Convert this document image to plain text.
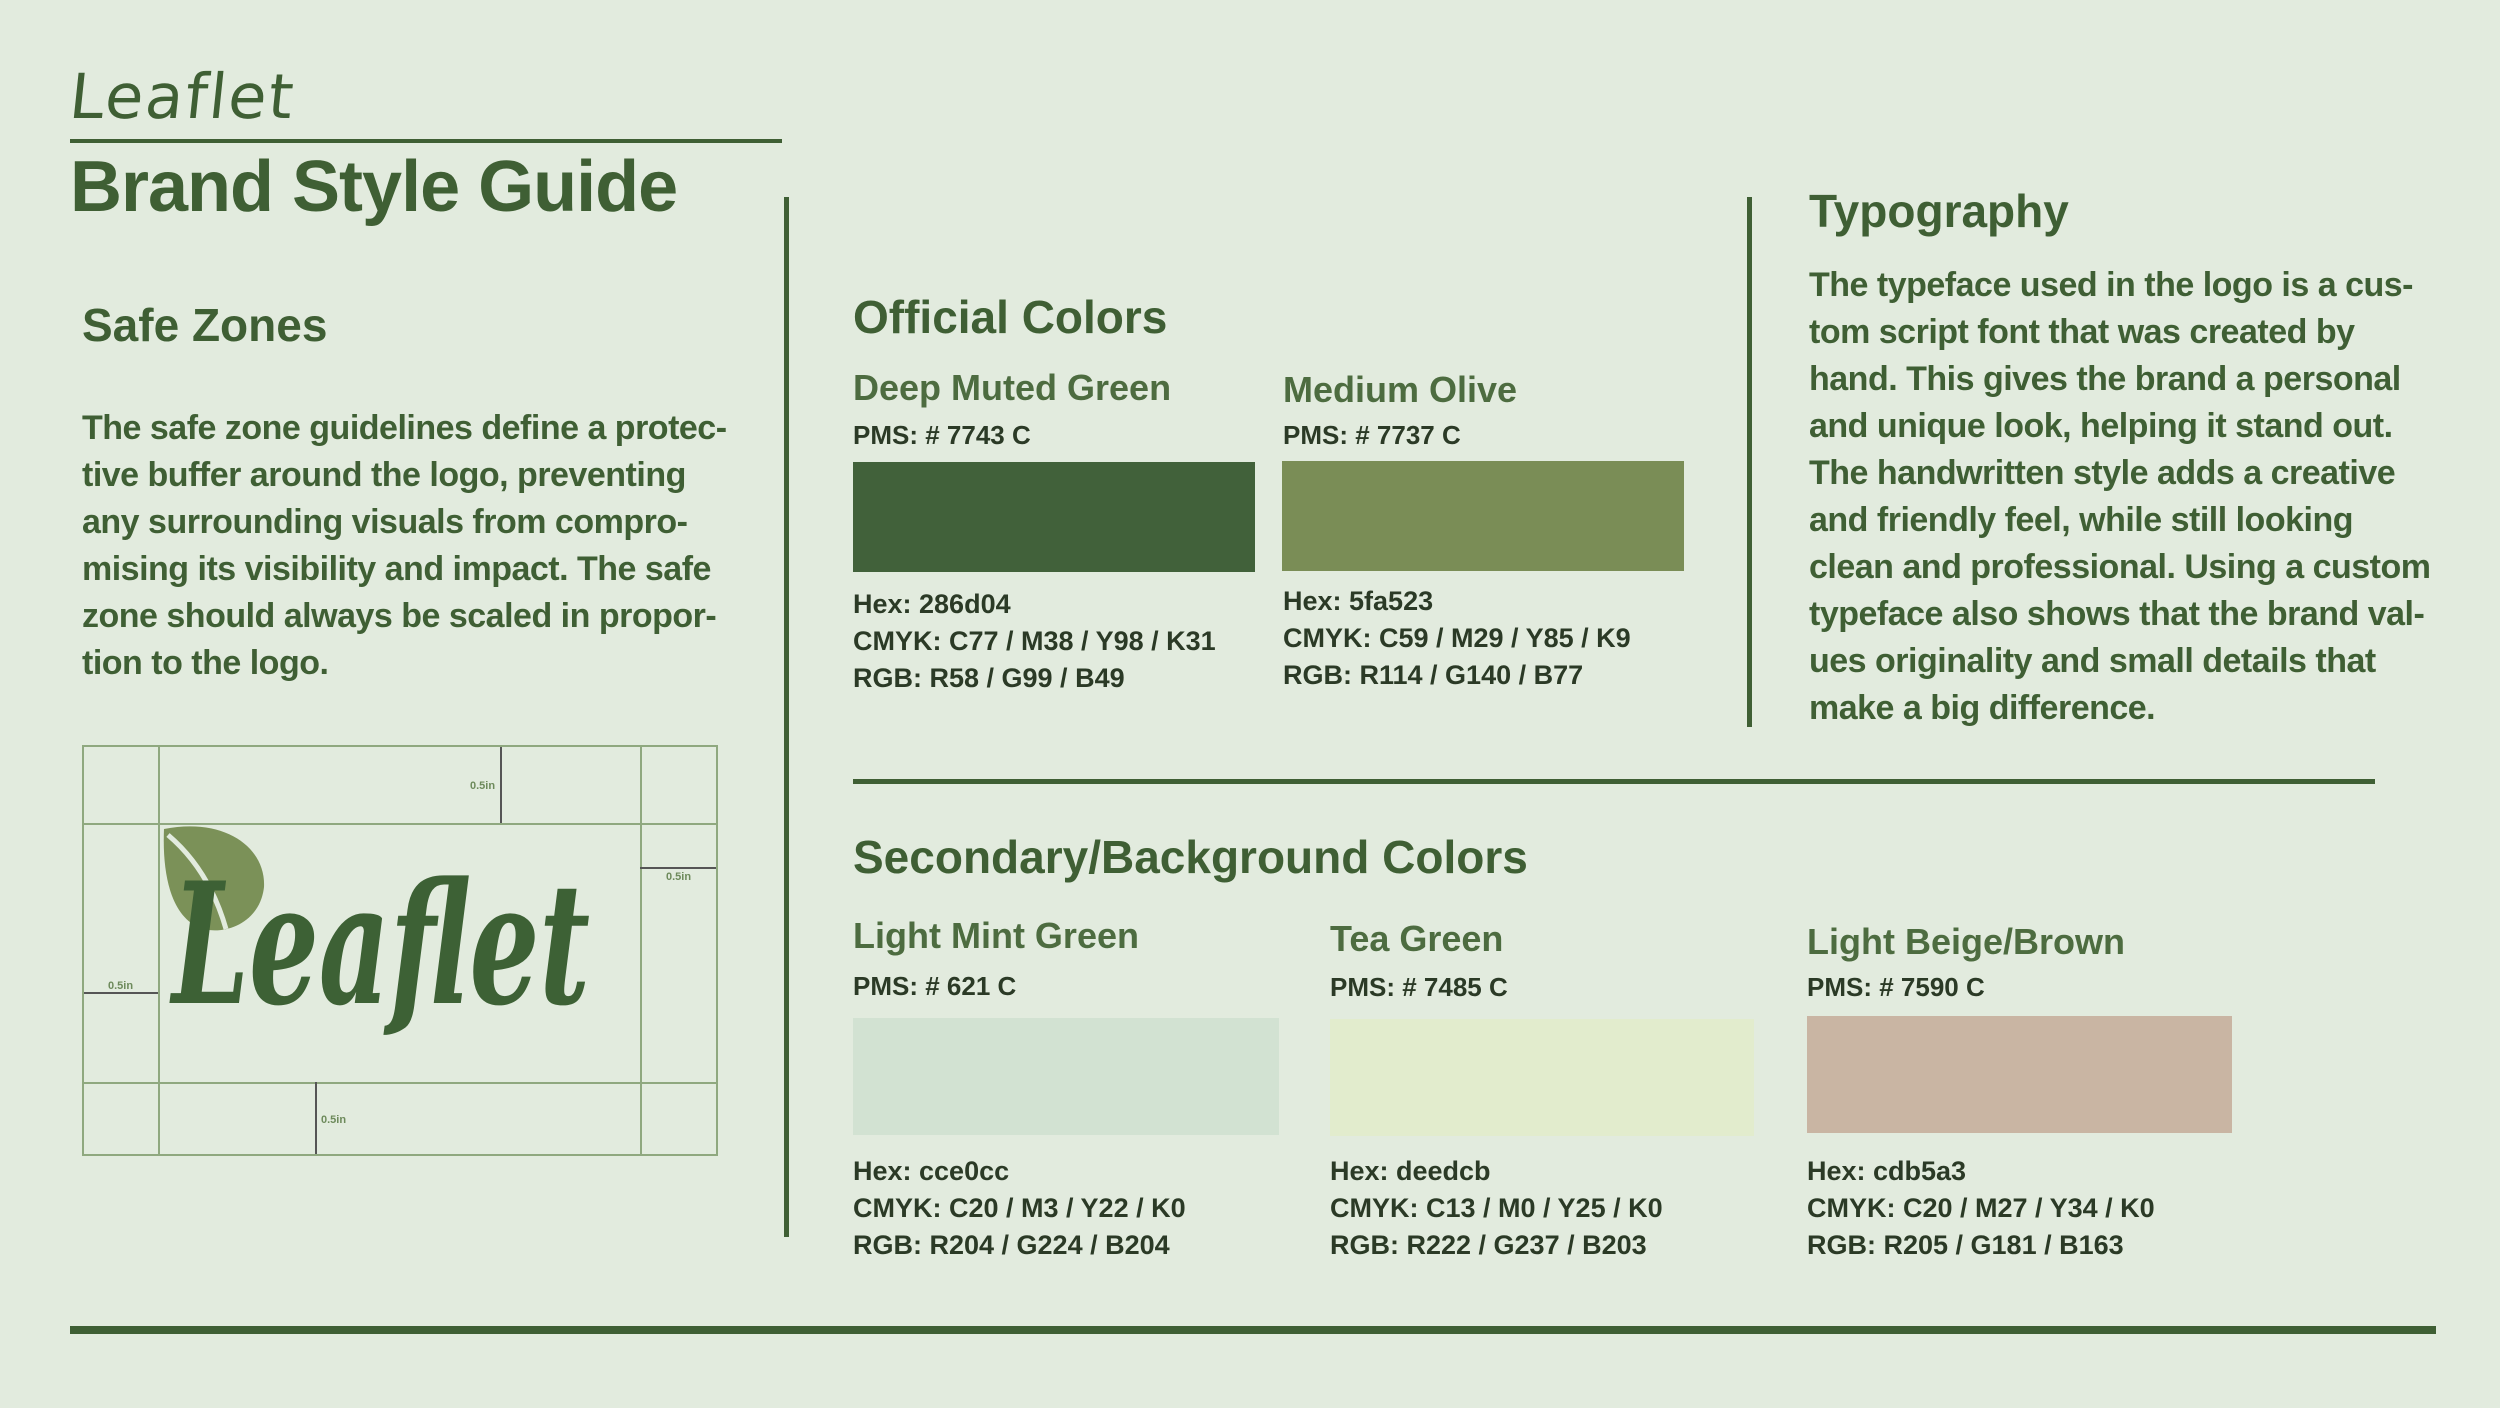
Leaflet
Brand Style Guide
Safe Zones
The safe zone guidelines define a protec-
tive buffer around the logo, preventing
any surrounding visuals from compro-
mising its visibility and impact. The safe
zone should always be scaled in propor-
tion to the logo.
0.5in
0.5in
0.5in
0.5in
Leaflet
Official Colors
Deep Muted Green
PMS: # 7743 C
Hex: 286d04
CMYK: C77 / M38 / Y98 / K31
RGB: R58 / G99 / B49
Medium Olive
PMS: # 7737 C
Hex: 5fa523
CMYK: C59 / M29 / Y85 / K9
RGB: R114 / G140 / B77
Typography
The typeface used in the logo is a cus-
tom script font that was created by
hand. This gives the brand a personal
and unique look, helping it stand out.
The handwritten style adds a creative
and friendly feel, while still looking
clean and professional. Using a custom
typeface also shows that the brand val-
ues originality and small details that
make a big difference.
Secondary/Background Colors
Light Mint Green
PMS: # 621 C
Hex: cce0cc
CMYK: C20 / M3 / Y22 / K0
RGB: R204 / G224 / B204
Tea Green
PMS: # 7485 C
Hex: deedcb
CMYK: C13 / M0 / Y25 / K0
RGB: R222 / G237 / B203
Light Beige/Brown
PMS: # 7590 C
Hex: cdb5a3
CMYK: C20 / M27 / Y34 / K0
RGB: R205 / G181 / B163
